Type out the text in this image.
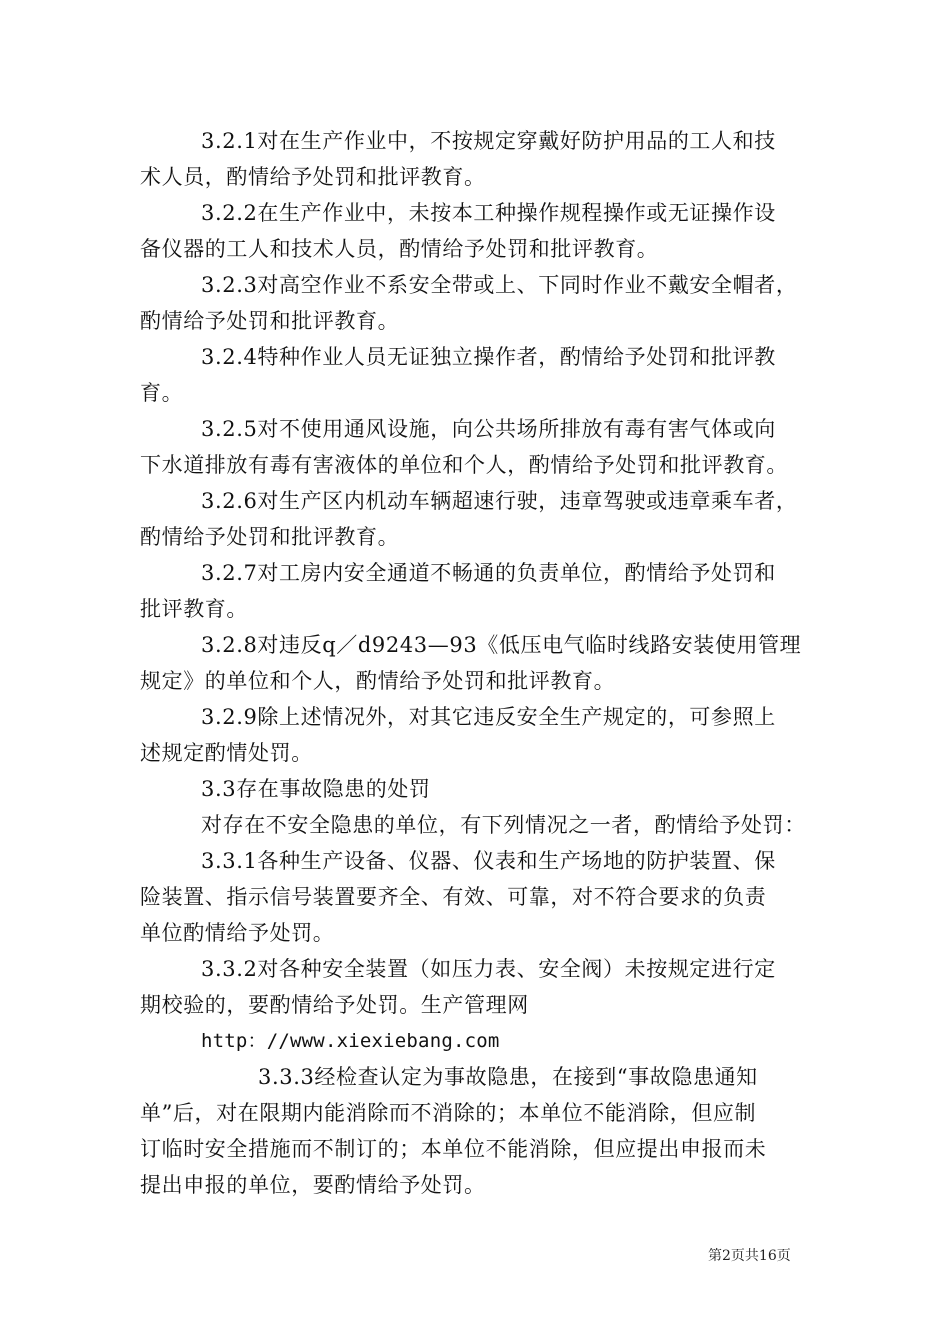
3.2.1对在生产作业中，不按规定穿戴好防护用品的工人和技
术人员，酌情给予处罚和批评教育。
3.2.2在生产作业中，未按本工种操作规程操作或无证操作设
备仪器的工人和技术人员，酌情给予处罚和批评教育。
3.2.3对高空作业不系安全带或上、下同时作业不戴安全帽者，
酌情给予处罚和批评教育。
3.2.4特种作业人员无证独立操作者，酌情给予处罚和批评教
育。
3.2.5对不使用通风设施，向公共场所排放有毒有害气体或向
下水道排放有毒有害液体的单位和个人，酌情给予处罚和批评教育。
3.2.6对生产区内机动车辆超速行驶，违章驾驶或违章乘车者，
酌情给予处罚和批评教育。
3.2.7对工房内安全通道不畅通的负责单位，酌情给予处罚和
批评教育。
3.2.8对违反q／d9243—93《低压电气临时线路安装使用管理
规定》的单位和个人，酌情给予处罚和批评教育。
3.2.9除上述情况外，对其它违反安全生产规定的，可参照上
述规定酌情处罚。
3.3存在事故隐患的处罚
对存在不安全隐患的单位，有下列情况之一者，酌情给予处罚：
3.3.1各种生产设备、仪器、仪表和生产场地的防护装置、保
险装置、指示信号装置要齐全、有效、可靠，对不符合要求的负责
单位酌情给予处罚。
3.3.2对各种安全装置（如压力表、安全阀）未按规定进行定
期校验的，要酌情给予处罚。生产管理网
http：//www.xiexiebang.com
3.3.3经检查认定为事故隐患，在接到“事故隐患通知
单”后，对在限期内能消除而不消除的；本单位不能消除，但应制
订临时安全措施而不制订的；本单位不能消除，但应提出申报而未
提出申报的单位，要酌情给予处罚。
第2页共16页
